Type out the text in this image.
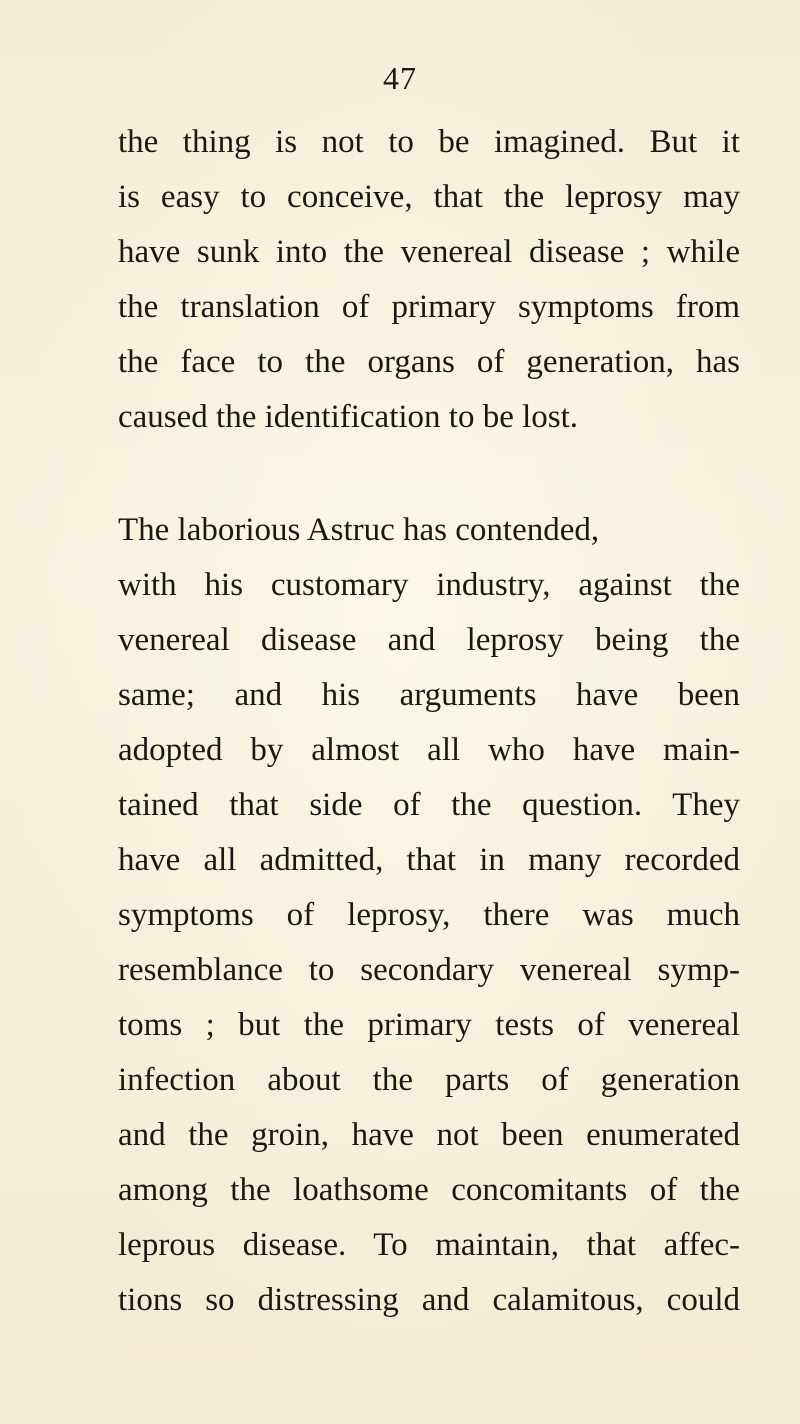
47
the thing is not to be imagined. But it
is easy to conceive, that the leprosy may
have sunk into the venereal disease ; while
the translation of primary symptoms from
the face to the organs of generation, has
caused the identification to be lost.
The laborious Astruc has contended,
with his customary industry, against the
venereal disease and leprosy being the
same; and his arguments have been
adopted by almost all who have main-
tained that side of the question. They
have all admitted, that in many recorded
symptoms of leprosy, there was much
resemblance to secondary venereal symp-
toms ; but the primary tests of venereal
infection about the parts of generation
and the groin, have not been enumerated
among the loathsome concomitants of the
leprous disease. To maintain, that affec-
tions so distressing and calamitous, could
